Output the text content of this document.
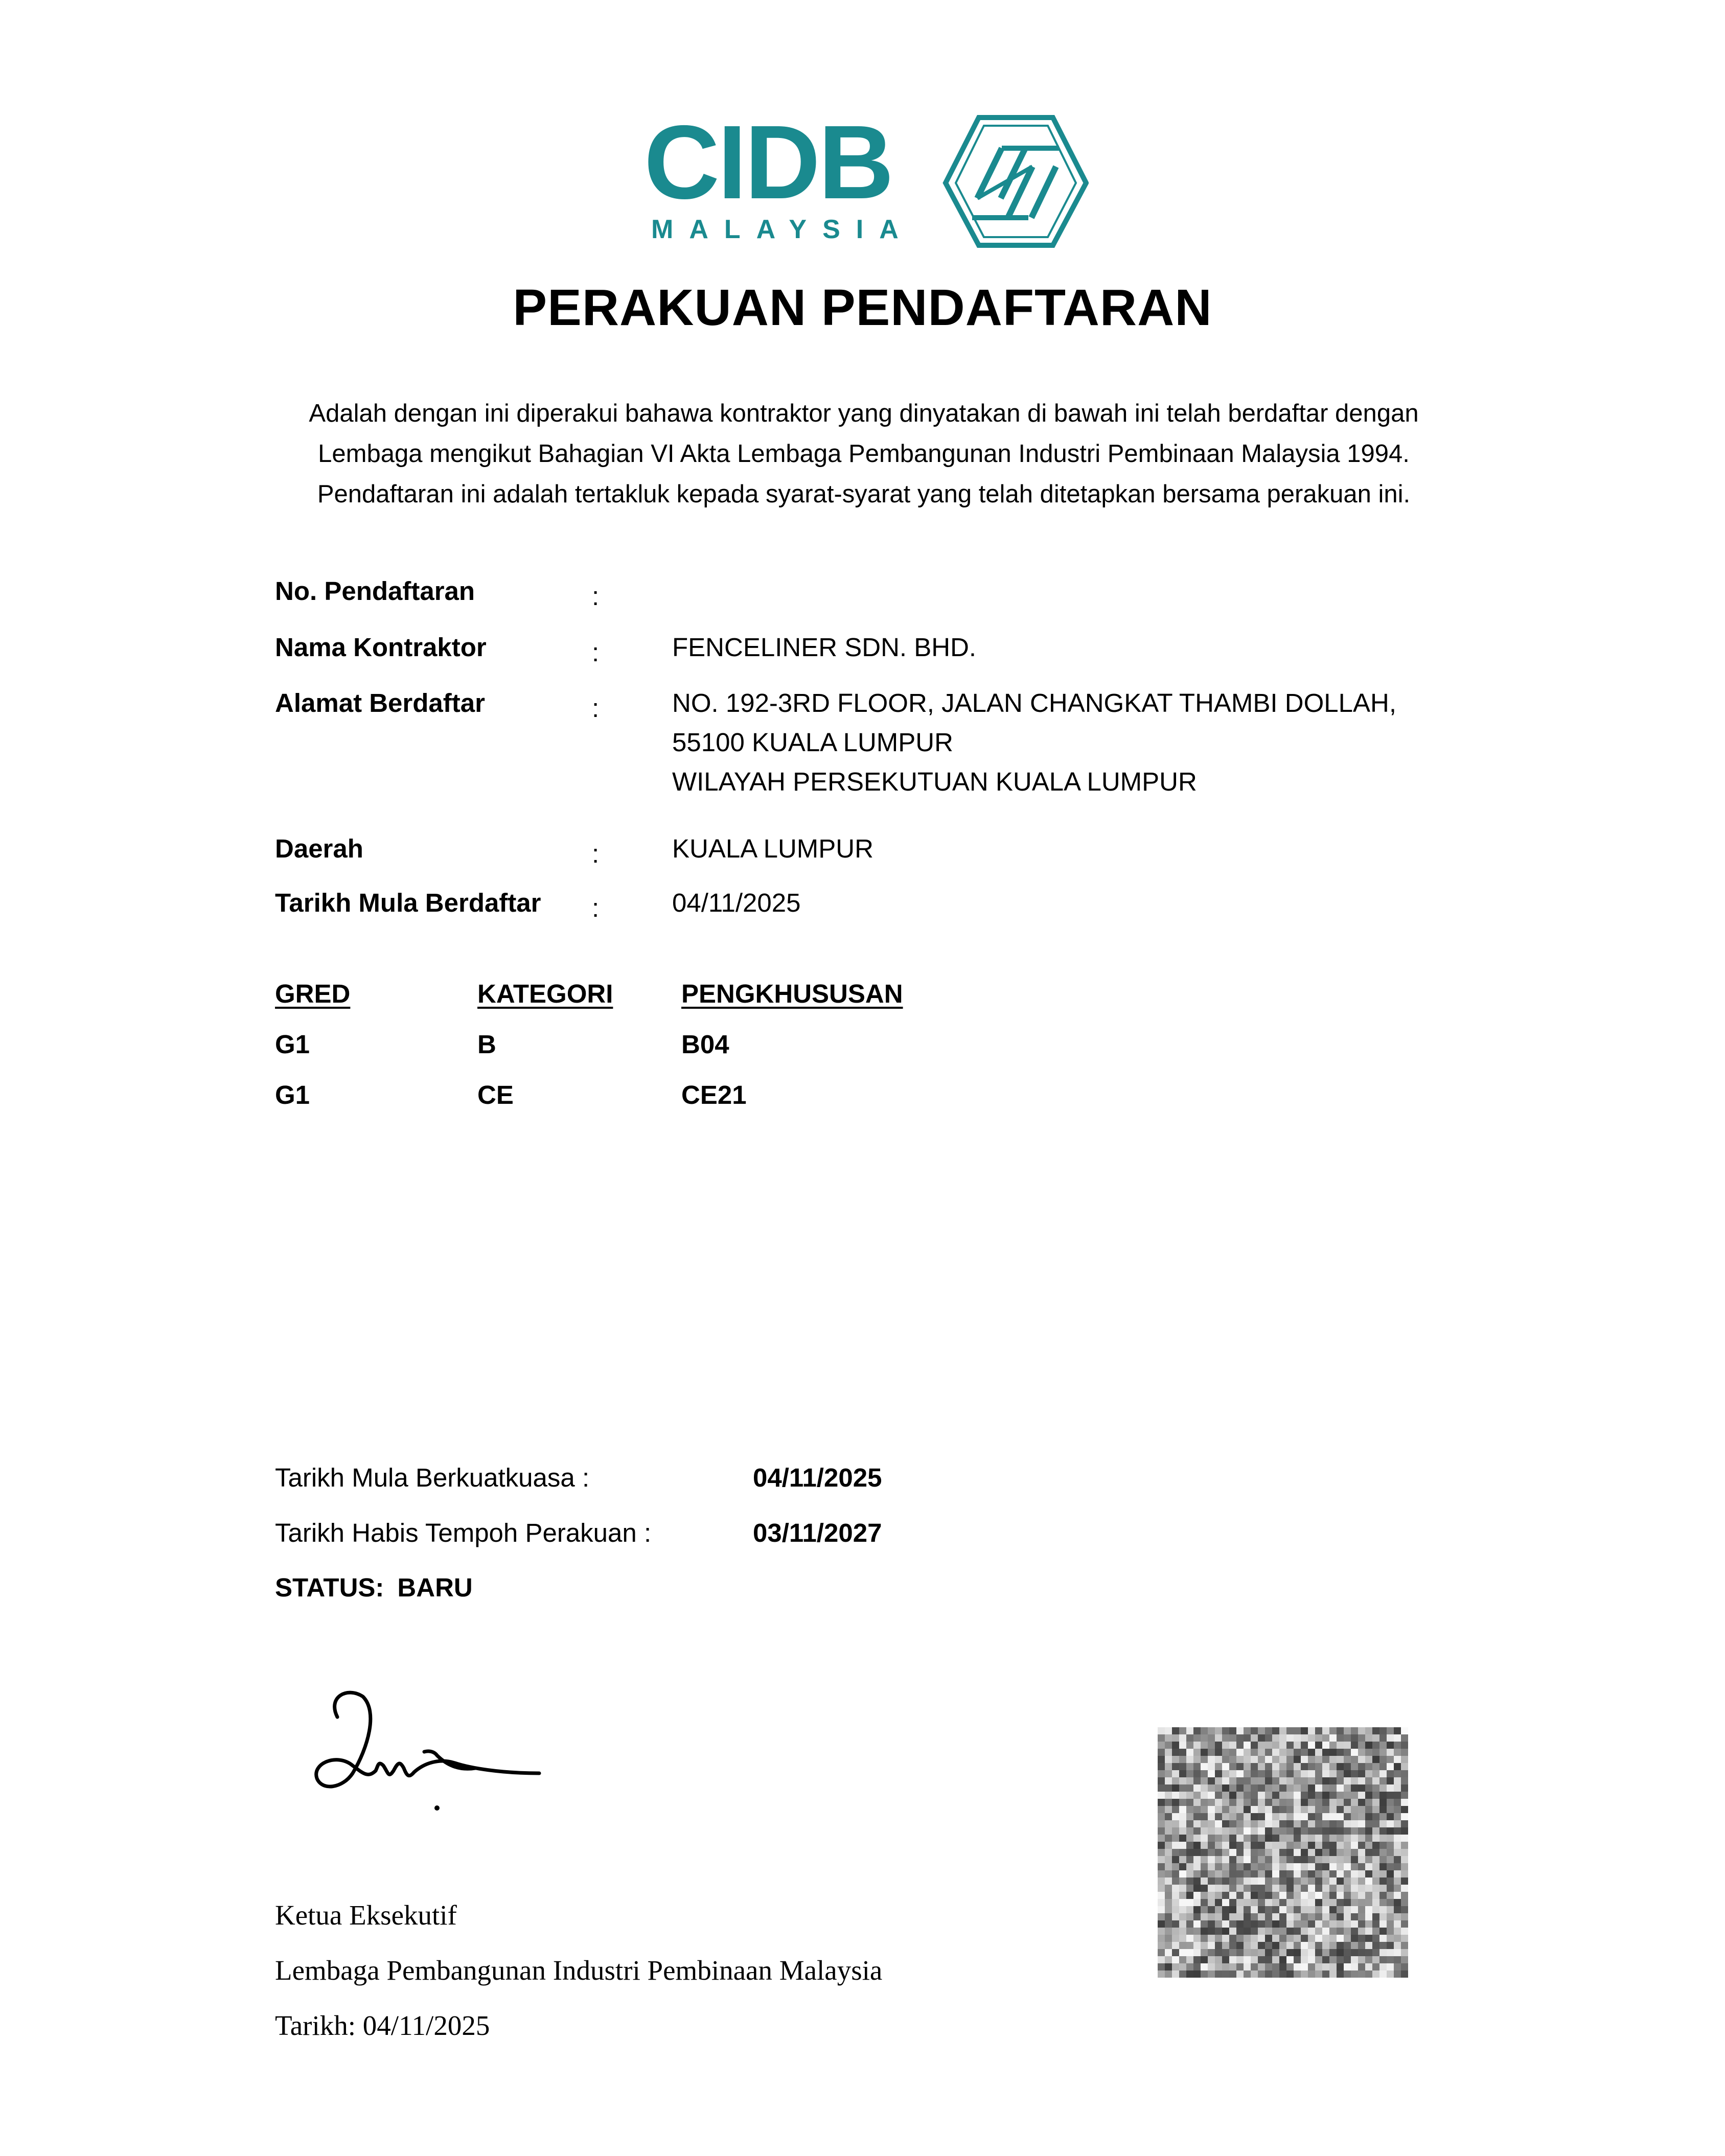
CIDB
MALAYSIA
PERAKUAN PENDAFTARAN
Adalah dengan ini diperakui bahawa kontraktor yang dinyatakan di bawah ini telah berdaftar dengan
Lembaga mengikut Bahagian VI Akta Lembaga Pembangunan Industri Pembinaan Malaysia 1994.
Pendaftaran ini adalah tertakluk kepada syarat-syarat yang telah ditetapkan bersama perakuan ini.
No. Pendaftaran	:
Nama Kontraktor	:	FENCELINER SDN. BHD.
Alamat Berdaftar	:	NO. 192-3RD FLOOR, JALAN CHANGKAT THAMBI DOLLAH,
55100 KUALA LUMPUR
WILAYAH PERSEKUTUAN KUALA LUMPUR
Daerah	:	KUALA LUMPUR
Tarikh Mula Berdaftar :	04/11/2025
GRED	KATEGORI	PENGKHUSUSAN
G1	B	B04
G1	CE	CE21
Tarikh Mula Berkuatkuasa :	04/11/2025
Tarikh Habis Tempoh Perakuan :	03/11/2027
STATUS: BARU
Ketua Eksekutif
Lembaga Pembangunan Industri Pembinaan Malaysia
Tarikh: 04/11/2025
